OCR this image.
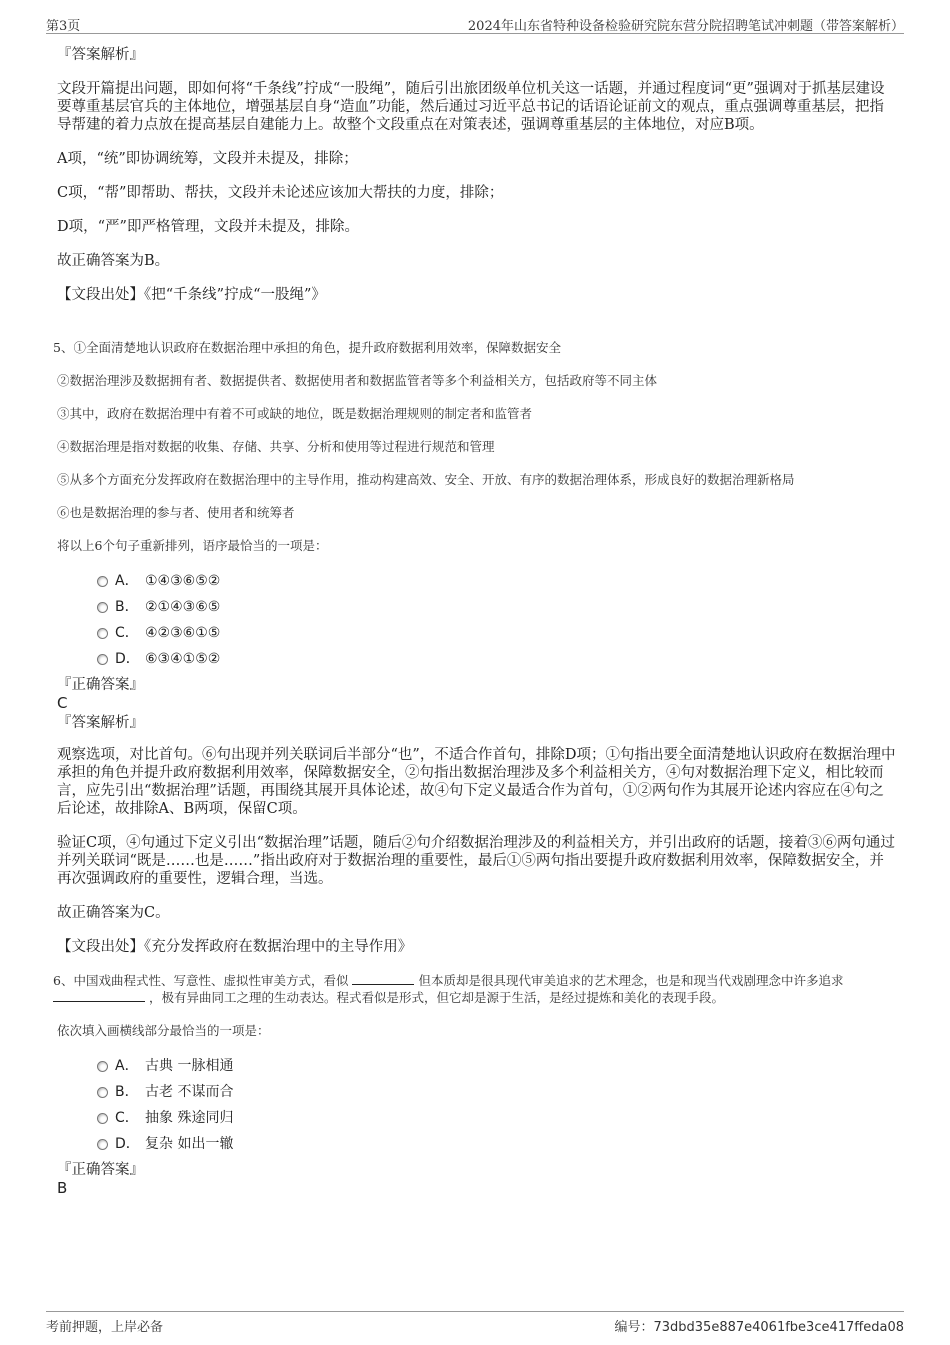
第3页	2024年山东省特种设备检验研究院东营分院招聘笔试冲刺题（带答案解析）
『答案解析』

文段开篇提出问题，即如何将“千条线”拧成“一股绳”，随后引出旅团级单位机关这一话题，并通过程度词“更”强调对于抓基层建设要尊重基层官兵的主体地位，增强基层自身“造血”功能，然后通过习近平总书记的话语论证前文的观点，重点强调尊重基层，把指导帮建的着力点放在提高基层自建能力上。故整个文段重点在对策表述，强调尊重基层的主体地位，对应B项。

A项，“统”即协调统筹，文段并未提及，排除；

C项，“帮”即帮助、帮扶，文段并未论述应该加大帮扶的力度，排除；

D项，“严”即严格管理，文段并未提及，排除。

故正确答案为B。

【文段出处】《把“千条线”拧成“一股绳”》

5、①全面清楚地认识政府在数据治理中承担的角色，提升政府数据利用效率，保障数据安全
②数据治理涉及数据拥有者、数据提供者、数据使用者和数据监管者等多个利益相关方，包括政府等不同主体
③其中，政府在数据治理中有着不可或缺的地位，既是数据治理规则的制定者和监管者
④数据治理是指对数据的收集、存储、共享、分析和使用等过程进行规范和管理
⑤从多个方面充分发挥政府在数据治理中的主导作用，推动构建高效、安全、开放、有序的数据治理体系，形成良好的数据治理新格局
⑥也是数据治理的参与者、使用者和统筹者
将以上6个句子重新排列，语序最恰当的一项是：
A． ①④③⑥⑤②
B． ②①④③⑥⑤
C． ④②③⑥①⑤
D． ⑥③④①⑤②
『正确答案』
C
『答案解析』

观察选项，对比首句。⑥句出现并列关联词后半部分“也”，不适合作首句，排除D项；①句指出要全面清楚地认识政府在数据治理中承担的角色并提升政府数据利用效率，保障数据安全，②句指出数据治理涉及多个利益相关方，④句对数据治理下定义，相比较而言，应先引出“数据治理”话题，再围绕其展开具体论述，故④句下定义最适合作为首句，①②两句作为其展开论述内容应在④句之后论述，故排除A、B两项，保留C项。

验证C项，④句通过下定义引出“数据治理”话题，随后②句介绍数据治理涉及的利益相关方，并引出政府的话题，接着③⑥两句通过并列关联词“既是……也是……”指出政府对于数据治理的重要性，最后①⑤两句指出要提升政府数据利用效率，保障数据安全，并再次强调政府的重要性，逻辑合理，当选。

故正确答案为C。

【文段出处】《充分发挥政府在数据治理中的主导作用》

6、中国戏曲程式性、写意性、虚拟性审美方式，看似	但本质却是很具现代审美追求的艺术理念，也是和现当代戏剧理念中许多追求
，极有异曲同工之理的生动表达。程式看似是形式，但它却是源于生活，是经过提炼和美化的表现手段。
依次填入画横线部分最恰当的一项是：
A． 古典 一脉相通
B． 古老 不谋而合
C． 抽象 殊途同归
D． 复杂 如出一辙
『正确答案』
B
考前押题，上岸必备	编号：73dbd35e887e4061fbe3ce417ffeda08
